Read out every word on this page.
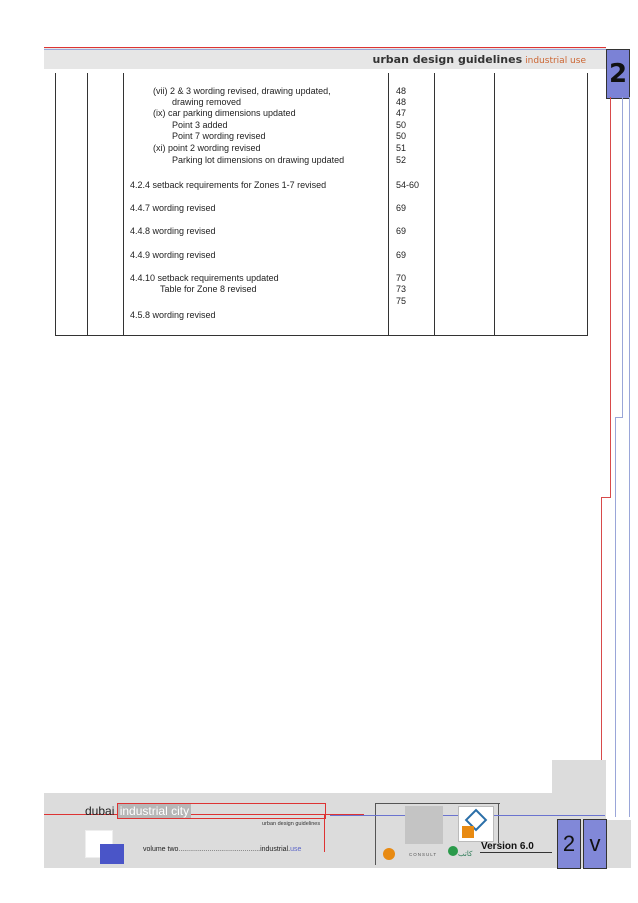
urban design guidelines industrial use 2
(vii) 2 & 3 wording revised, drawing updated,
drawing removed
(ix) car parking dimensions updated
Point 3 added
Point 7 wording revised
(xi) point 2 wording revised
Parking lot dimensions on drawing updated
4.2.4 setback requirements for Zones 1-7 revised
4.4.7 wording revised
4.4.8 wording revised
4.4.9 wording revised
4.4.10 setback requirements updated
Table for Zone 8 revised
4.5.8 wording revised
48
48
47
50
50
51
52
54-60
69
69
69
70
73
75
dubai industrial city
urban design guidelines
volume two..........................................industrial.use
CONSULT	كاتب
Version 6.0 2 v
